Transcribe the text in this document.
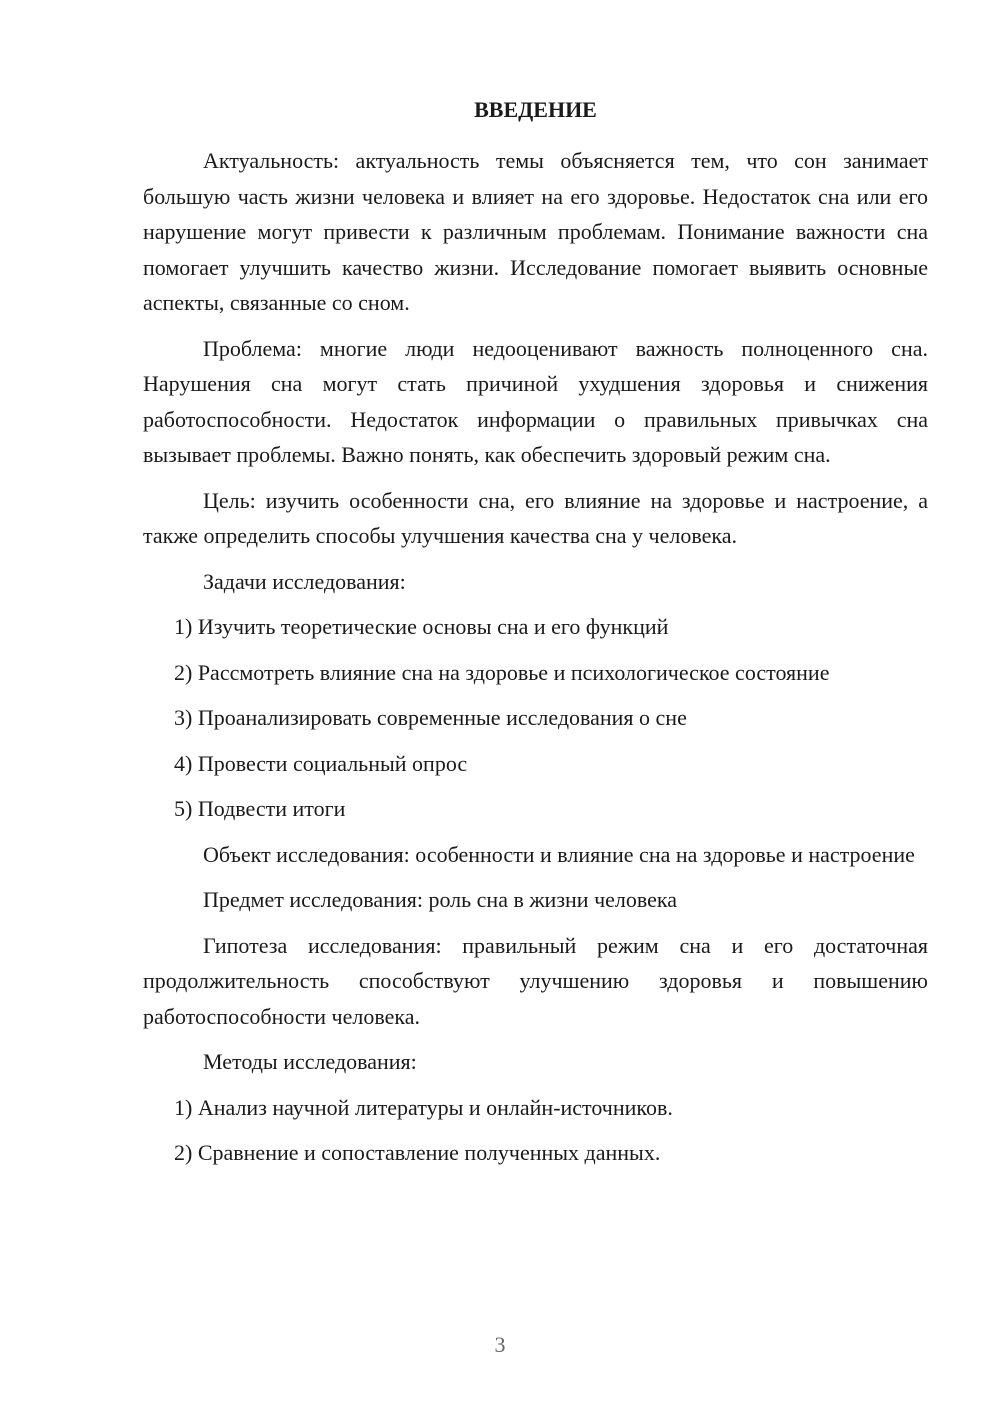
ВВЕДЕНИЕ

Актуальность: актуальность темы объясняется тем, что сон занимает большую часть жизни человека и влияет на его здоровье. Недостаток сна или его нарушение могут привести к различным проблемам. Понимание важности сна помогает улучшить качество жизни. Исследование помогает выявить основные аспекты, связанные со сном.

Проблема: многие люди недооценивают важность полноценного сна. Нарушения сна могут стать причиной ухудшения здоровья и снижения работоспособности. Недостаток информации о правильных привычках сна вызывает проблемы. Важно понять, как обеспечить здоровый режим сна.

Цель: изучить особенности сна, его влияние на здоровье и настроение, а также определить способы улучшения качества сна у человека.

Задачи исследования:

1) Изучить теоретические основы сна и его функций

2) Рассмотреть влияние сна на здоровье и психологическое состояние

3) Проанализировать современные исследования о сне

4) Провести социальный опрос

5) Подвести итоги

Объект исследования: особенности и влияние сна на здоровье и настроение

Предмет исследования: роль сна в жизни человека

Гипотеза исследования: правильный режим сна и его достаточная продолжительность способствуют улучшению здоровья и повышению работоспособности человека.

Методы исследования:

1) Анализ научной литературы и онлайн-источников.

2) Сравнение и сопоставление полученных данных.

3
